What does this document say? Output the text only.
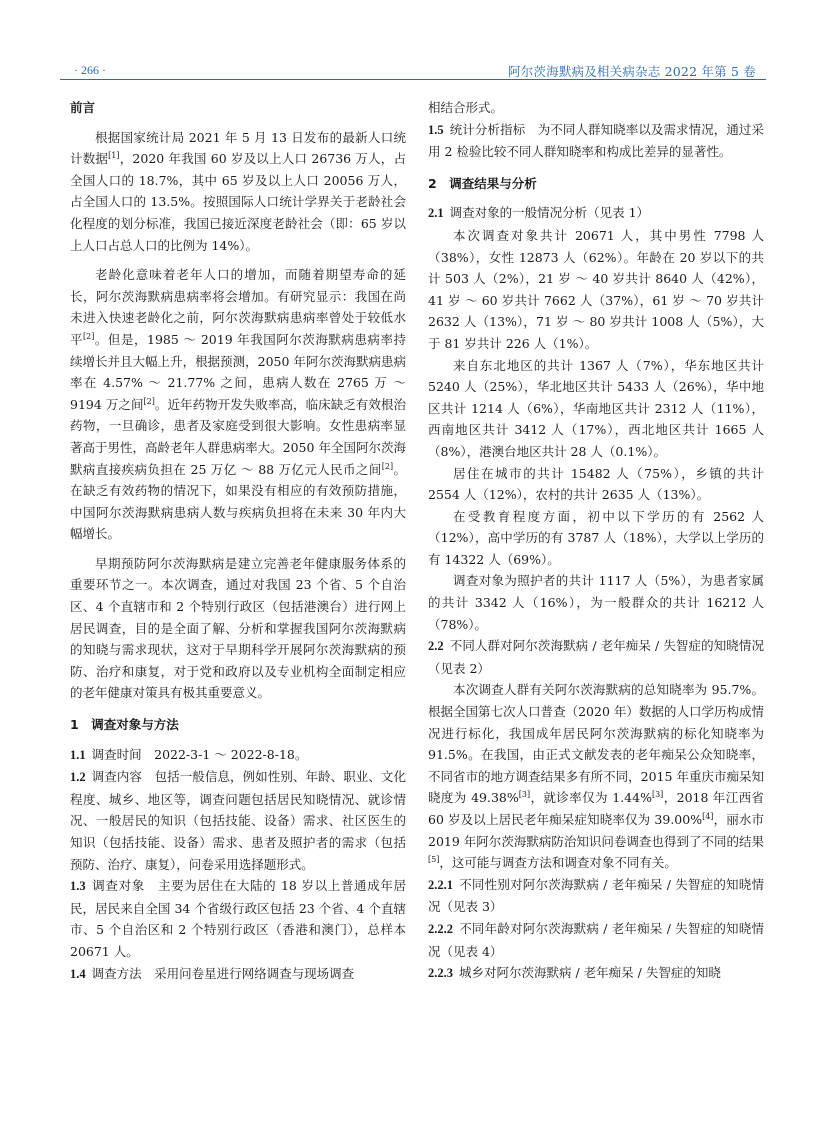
· 266 ·	阿尔茨海默病及相关病杂志 2022 年第 5 卷
前言

根据国家统计局 2021 年 5 月 13 日发布的最新人口统计数据[1]，2020 年我国 60 岁及以上人口 26736 万人，占全国人口的 18.7%，其中 65 岁及以上人口 20056 万人，占全国人口的 13.5%。按照国际人口统计学界关于老龄社会化程度的划分标准，我国已接近深度老龄社会（即：65 岁以上人口占总人口的比例为 14%）。

老龄化意味着老年人口的增加，而随着期望寿命的延长，阿尔茨海默病患病率将会增加。有研究显示：我国在尚未进入快速老龄化之前，阿尔茨海默病患病率曾处于较低水平[2]。但是，1985 ～ 2019 年我国阿尔茨海默病患病率持续增长并且大幅上升，根据预测，2050 年阿尔茨海默病患病率在 4.57% ～ 21.77% 之间，患病人数在 2765 万 ～ 9194 万之间[2]。近年药物开发失败率高，临床缺乏有效根治药物，一旦确诊，患者及家庭受到很大影响。女性患病率显著高于男性，高龄老年人群患病率大。2050 年全国阿尔茨海默病直接疾病负担在 25 万亿 ～ 88 万亿元人民币之间[2]。在缺乏有效药物的情况下，如果没有相应的有效预防措施，中国阿尔茨海默病患病人数与疾病负担将在未来 30 年内大幅增长。

早期预防阿尔茨海默病是建立完善老年健康服务体系的重要环节之一。本次调查，通过对我国 23 个省、5 个自治区、4 个直辖市和 2 个特别行政区（包括港澳台）进行网上居民调查，目的是全面了解、分析和掌握我国阿尔茨海默病的知晓与需求现状，这对于早期科学开展阿尔茨海默病的预防、治疗和康复，对于党和政府以及专业机构全面制定相应的老年健康对策具有极其重要意义。

1　调查对象与方法

1.1 调查时间　2022-3-1 ～ 2022-8-18。

1.2 调查内容　包括一般信息，例如性别、年龄、职业、文化程度、城乡、地区等，调查问题包括居民知晓情况、就诊情况、一般居民的知识（包括技能、设备）需求、社区医生的知识（包括技能、设备）需求、患者及照护者的需求（包括预防、治疗、康复），问卷采用选择题形式。

1.3 调查对象　主要为居住在大陆的 18 岁以上普通成年居民，居民来自全国 34 个省级行政区包括 23 个省、4 个直辖市、5 个自治区和 2 个特别行政区（香港和澳门），总样本 20671 人。

1.4 调查方法　采用问卷星进行网络调查与现场调查

相结合形式。

1.5 统计分析指标　为不同人群知晓率以及需求情况，通过采用 2 检验比较不同人群知晓率和构成比差异的显著性。

2　调查结果与分析

2.1 调查对象的一般情况分析（见表 1）

本次调查对象共计 20671 人，其中男性 7798 人（38%），女性 12873 人（62%）。年龄在 20 岁以下的共计 503 人（2%），21 岁 ～ 40 岁共计 8640 人（42%），41 岁 ～ 60 岁共计 7662 人（37%），61 岁 ～ 70 岁共计 2632 人（13%），71 岁 ～ 80 岁共计 1008 人（5%），大于 81 岁共计 226 人（1%）。

来自东北地区的共计 1367 人（7%），华东地区共计 5240 人（25%），华北地区共计 5433 人（26%），华中地区共计 1214 人（6%），华南地区共计 2312 人（11%），西南地区共计 3412 人（17%），西北地区共计 1665 人（8%），港澳台地区共计 28 人（0.1%）。

居住在城市的共计 15482 人（75%），乡镇的共计 2554 人（12%），农村的共计 2635 人（13%）。

在受教育程度方面，初中以下学历的有 2562 人（12%），高中学历的有 3787 人（18%），大学以上学历的有 14322 人（69%）。

调查对象为照护者的共计 1117 人（5%），为患者家属的共计 3342 人（16%），为一般群众的共计 16212 人（78%）。

2.2 不同人群对阿尔茨海默病 / 老年痴呆 / 失智症的知晓情况（见表 2）

本次调查人群有关阿尔茨海默病的总知晓率为 95.7%。根据全国第七次人口普查（2020 年）数据的人口学历构成情况进行标化，我国成年居民阿尔茨海默病的标化知晓率为 91.5%。在我国，由正式文献发表的老年痴呆公众知晓率，不同省市的地方调查结果多有所不同，2015 年重庆市痴呆知晓度为 49.38%[3]，就诊率仅为 1.44%[3]，2018 年江西省 60 岁及以上居民老年痴呆症知晓率仅为 39.00%[4]，丽水市 2019 年阿尔茨海默病防治知识问卷调查也得到了不同的结果[5]，这可能与调查方法和调查对象不同有关。

2.2.1 不同性别对阿尔茨海默病 / 老年痴呆 / 失智症的知晓情况（见表 3）

2.2.2 不同年龄对阿尔茨海默病 / 老年痴呆 / 失智症的知晓情况（见表 4）

2.2.3 城乡对阿尔茨海默病 / 老年痴呆 / 失智症的知晓
